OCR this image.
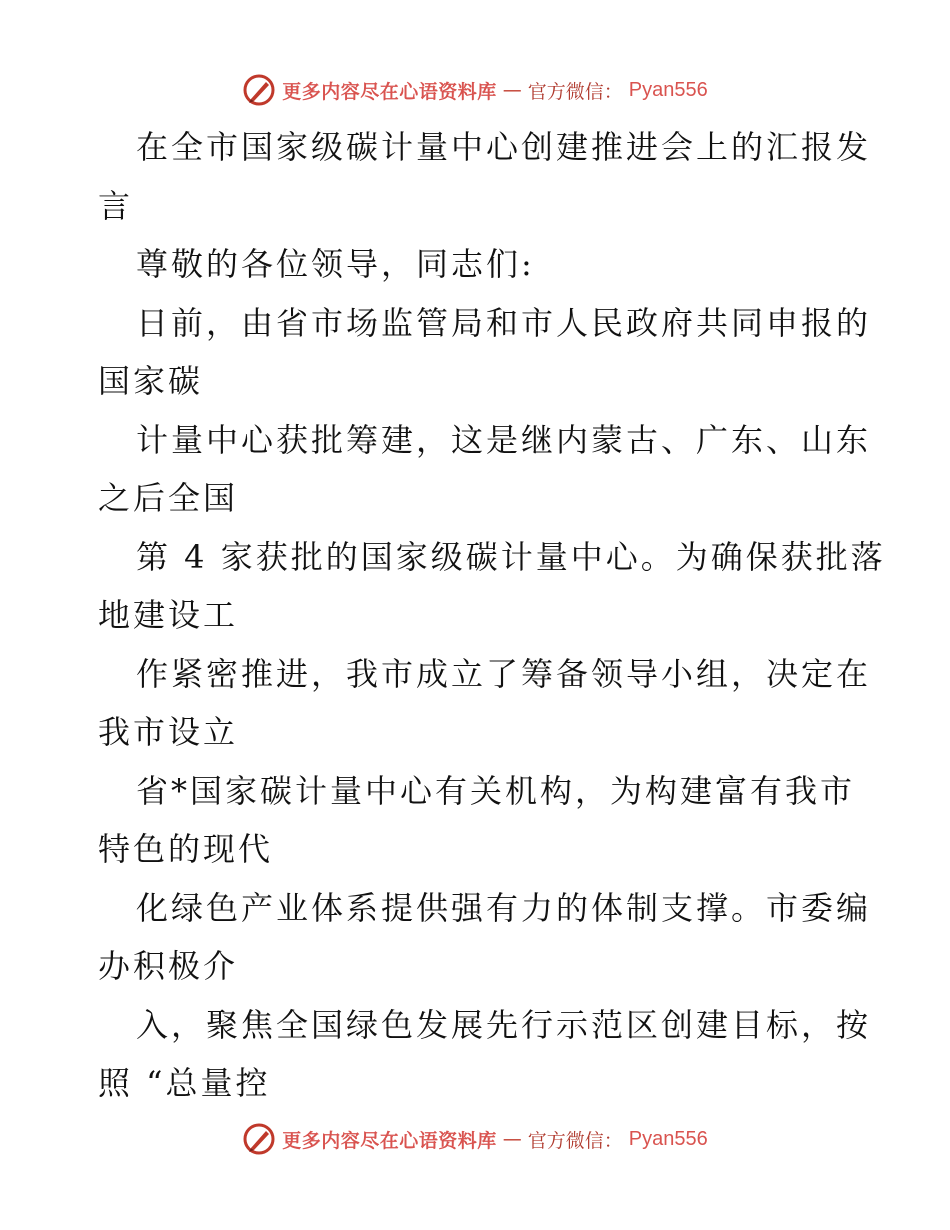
更多内容尽在心语资料库 — 官方微信： Pyan556
在全市国家级碳计量中心创建推进会上的汇报发
言
尊敬的各位领导，同志们:
日前，由省市场监管局和市人民政府共同申报的
国家碳
计量中心获批筹建，这是继内蒙古、广东、山东
之后全国
第 4 家获批的国家级碳计量中心。为确保获批落
地建设工
作紧密推进，我市成立了筹备领导小组，决定在
我市设立
省*国家碳计量中心有关机构，为构建富有我市
特色的现代
化绿色产业体系提供强有力的体制支撑。市委编
办积极介
入，聚焦全国绿色发展先行示范区创建目标，按
照 “总量控
更多内容尽在心语资料库 — 官方微信： Pyan556
